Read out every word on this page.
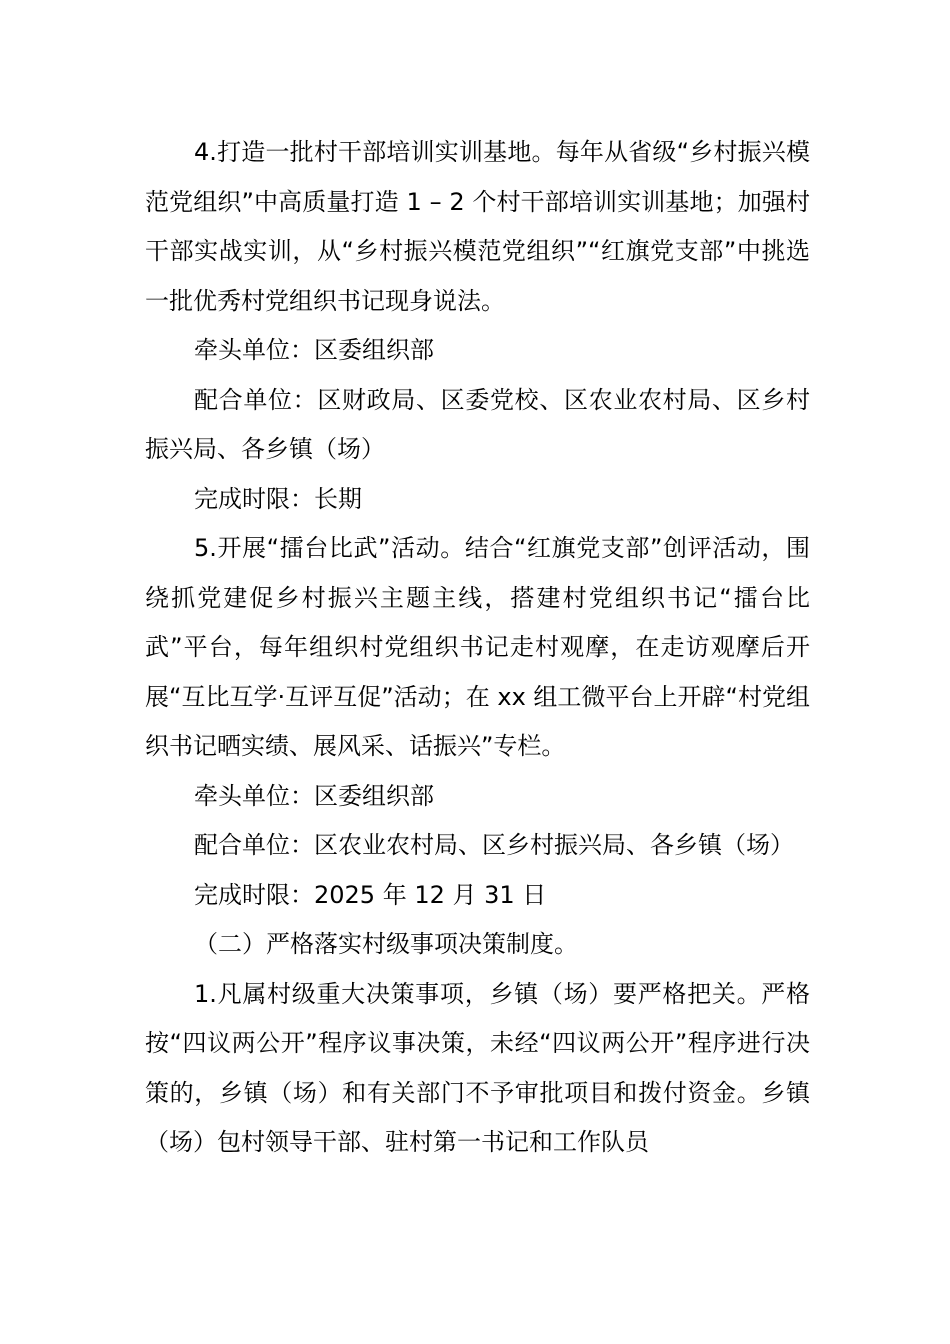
4.打造一批村干部培训实训基地。每年从省级“乡村振兴模范党组织”中高质量打造 1 – 2 个村干部培训实训基地；加强村干部实战实训，从“乡村振兴模范党组织”“红旗党支部”中挑选一批优秀村党组织书记现身说法。

牵头单位：区委组织部

配合单位：区财政局、区委党校、区农业农村局、区乡村振兴局、各乡镇（场）

完成时限：长期

5.开展“擂台比武”活动。结合“红旗党支部”创评活动，围绕抓党建促乡村振兴主题主线，搭建村党组织书记“擂台比武”平台，每年组织村党组织书记走村观摩，在走访观摩后开展“互比互学·互评互促”活动；在 xx 组工微平台上开辟“村党组织书记晒实绩、展风采、话振兴”专栏。

牵头单位：区委组织部

配合单位：区农业农村局、区乡村振兴局、各乡镇（场）

完成时限：2025 年 12 月 31 日

（二）严格落实村级事项决策制度。

1.凡属村级重大决策事项，乡镇（场）要严格把关。严格按“四议两公开”程序议事决策，未经“四议两公开”程序进行决策的，乡镇（场）和有关部门不予审批项目和拨付资金。乡镇（场）包村领导干部、驻村第一书记和工作队员
